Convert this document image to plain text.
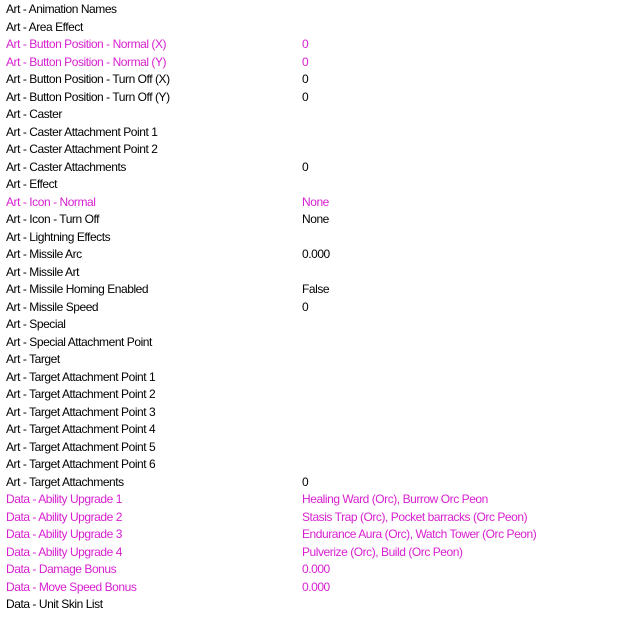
Art - Animation Names
Art - Area Effect
Art - Button Position - Normal (X)	0
Art - Button Position - Normal (Y)	0
Art - Button Position - Turn Off (X)	0
Art - Button Position - Turn Off (Y)	0
Art - Caster
Art - Caster Attachment Point 1
Art - Caster Attachment Point 2
Art - Caster Attachments	0
Art - Effect
Art - Icon - Normal	None
Art - Icon - Turn Off	None
Art - Lightning Effects
Art - Missile Arc	0.000
Art - Missile Art
Art - Missile Homing Enabled	False
Art - Missile Speed	0
Art - Special
Art - Special Attachment Point
Art - Target
Art - Target Attachment Point 1
Art - Target Attachment Point 2
Art - Target Attachment Point 3
Art - Target Attachment Point 4
Art - Target Attachment Point 5
Art - Target Attachment Point 6
Art - Target Attachments	0
Data - Ability Upgrade 1	Healing Ward (Orc), Burrow Orc Peon
Data - Ability Upgrade 2	Stasis Trap (Orc), Pocket barracks (Orc Peon)
Data - Ability Upgrade 3	Endurance Aura (Orc), Watch Tower (Orc Peon)
Data - Ability Upgrade 4	Pulverize (Orc), Build (Orc Peon)
Data - Damage Bonus	0.000
Data - Move Speed Bonus	0.000
Data - Unit Skin List
